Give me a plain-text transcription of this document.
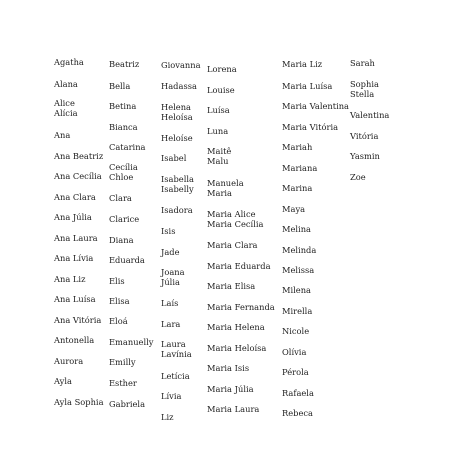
Agatha
Alana
Alice
Alícia
Ana
Ana Beatriz
Ana Cecília
Ana Clara
Ana Júlia
Ana Laura
Ana Lívia
Ana Liz
Ana Luísa
Ana Vitória
Antonella
Aurora
Ayla
Ayla Sophia
Beatriz
Bella
Betina
Bianca
Catarina
Cecília
Chloe
Clara
Clarice
Diana
Eduarda
Elis
Elisa
Eloá
Emanuelly
Emilly
Esther
Gabriela
Giovanna
Hadassa
Helena
Heloísa
Heloíse
Isabel
Isabella
Isabelly
Isadora
Isis
Jade
Joana
Júlia
Laís
Lara
Laura
Lavínia
Letícia
Lívia
Liz
Lorena
Louise
Luísa
Luna
Maitê
Malu
Manuela
Maria
Maria Alice
Maria Cecília
Maria Clara
Maria Eduarda
Maria Elisa
Maria Fernanda
Maria Helena
Maria Heloísa
Maria Isis
Maria Júlia
Maria Laura
Maria Liz
Maria Luísa
Maria Valentina
Maria Vitória
Mariah
Mariana
Marina
Maya
Melina
Melinda
Melissa
Milena
Mirella
Nicole
Olívia
Pérola
Rafaela
Rebeca
Sarah
Sophia
Stella
Valentina
Vitória
Yasmin
Zoe
